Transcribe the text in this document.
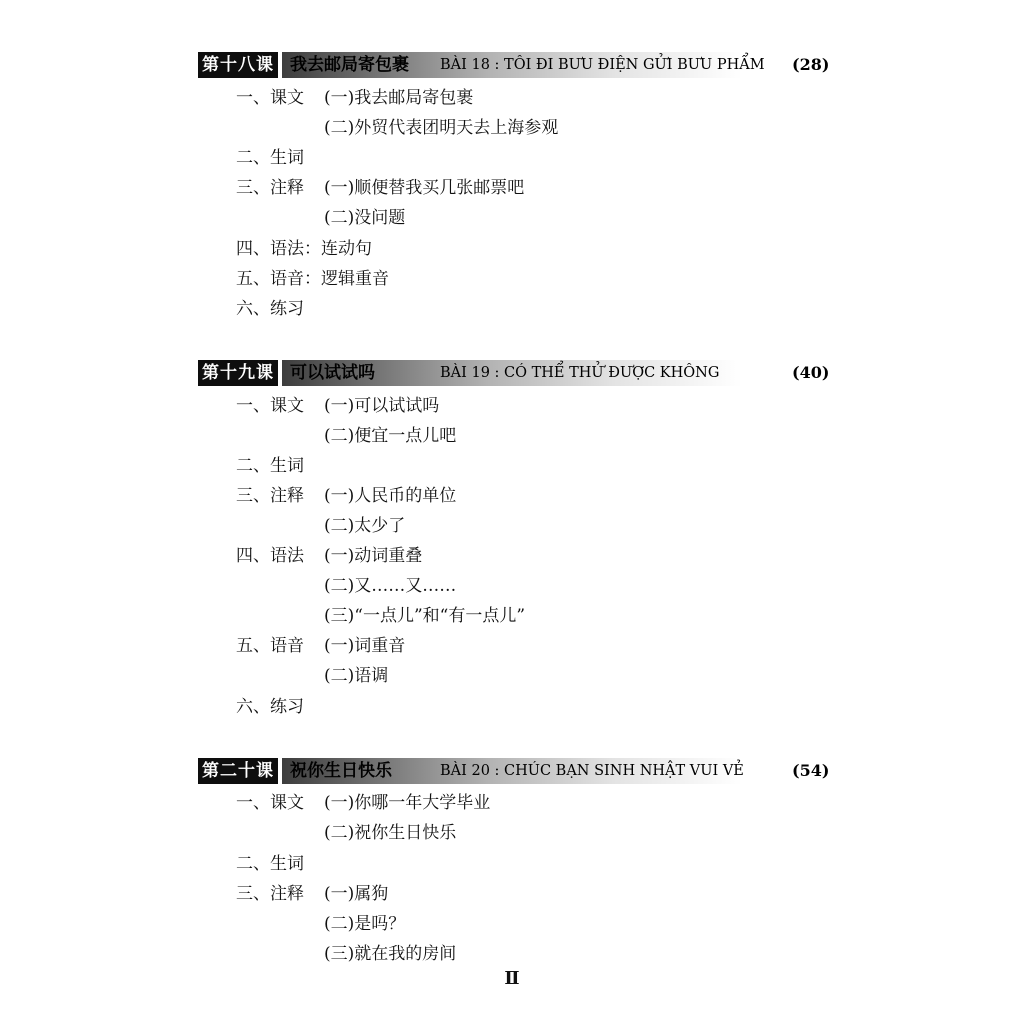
第十八课 我去邮局寄包裹 BÀI 18 : TÔI ĐI BƯU ĐIỆN GỬI BƯU PHẨM (28)
一、课文 (一)我去邮局寄包裹
(二)外贸代表团明天去上海参观
二、生词
三、注释 (一)顺便替我买几张邮票吧
(二)没问题
四、语法：连动句
五、语音：逻辑重音
六、练习
第十九课 可以试试吗	BÀI 19 : CÓ THỂ THỬ ĐƯỢC KHÔNG	(40)
一、课文 (一)可以试试吗
(二)便宜一点儿吧
二、生词
三、注释 (一)人民币的单位
(二)太少了
四、语法 (一)动词重叠
(二)又……又……
(三)“一点儿”和“有一点儿”
五、语音 (一)词重音
(二)语调
六、练习
第二十课 祝你生日快乐	BÀI 20 : CHÚC BẠN SINH NHẬT VUI VẺ	(54)
一、课文 (一)你哪一年大学毕业
(二)祝你生日快乐
二、生词
三、注释 (一)属狗
(二)是吗？
(三)就在我的房间
Ⅱ
